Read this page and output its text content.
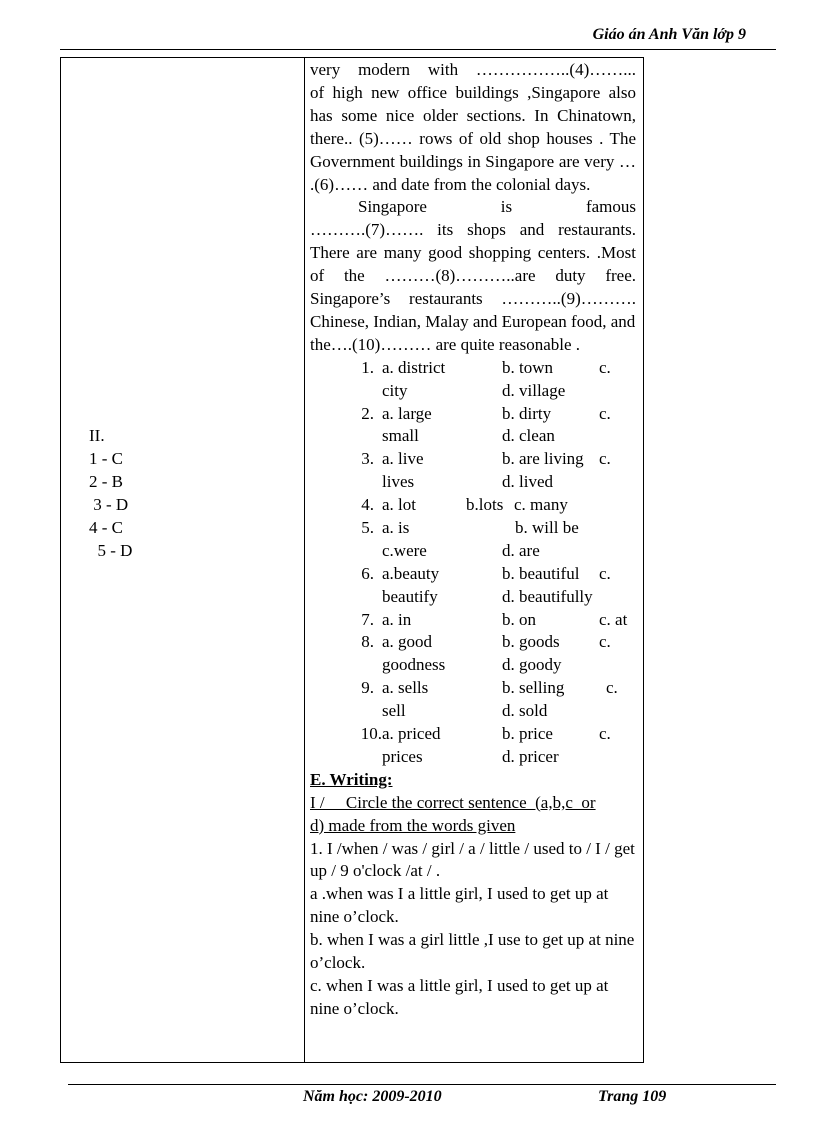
Giáo án Anh Văn lớp 9
II.
1 - C
2 - B
3 - D
4 - C
5 - D
very modern with ……………..(4)……...
of high new office buildings ,Singapore also has some nice older sections. In Chinatown, there.. (5)…… rows of old shop houses . The Government buildings in Singapore are very … .(6)…… and date from the colonial days.
Singapore	is	famous
……….(7)……. its shops and restaurants. There are many good shopping centers. .Most of the ………(8)………..are duty free. Singapore’s restaurants ………..(9)………. Chinese, Indian, Malay and European food, and
the….(10)……… are quite reasonable .
1. a. district	b. town	c.
city	d. village
2. a. large	b. dirty	c.
small	d. clean
3. a. live	b. are living c.
lives	d. lived
4. a. lot	b.lots c. many
5. a. is	b. will be
c.were	d. are
6. a.beauty	b. beautiful c.
beautify	d. beautifully
7. a. in	b. on	c. at
8. a. good	b. goods c.
goodness	d. goody
9. a. sells	b. selling c.
sell	d. sold
10. a. priced	b. price	c.
prices	d. pricer
E. Writing:
I /     Circle the correct sentence  (a,b,c  or
d) made from the words given
1. I /when / was / girl / a / little / used to / I / get up / 9 o'clock /at / .
a .when was I a little girl, I used to get up at nine o’clock.
b. when I was a girl little ,I use to get up at nine o’clock.
c. when I was a little girl, I used to get up at nine o’clock.
Năm học: 2009-2010	Trang 109
